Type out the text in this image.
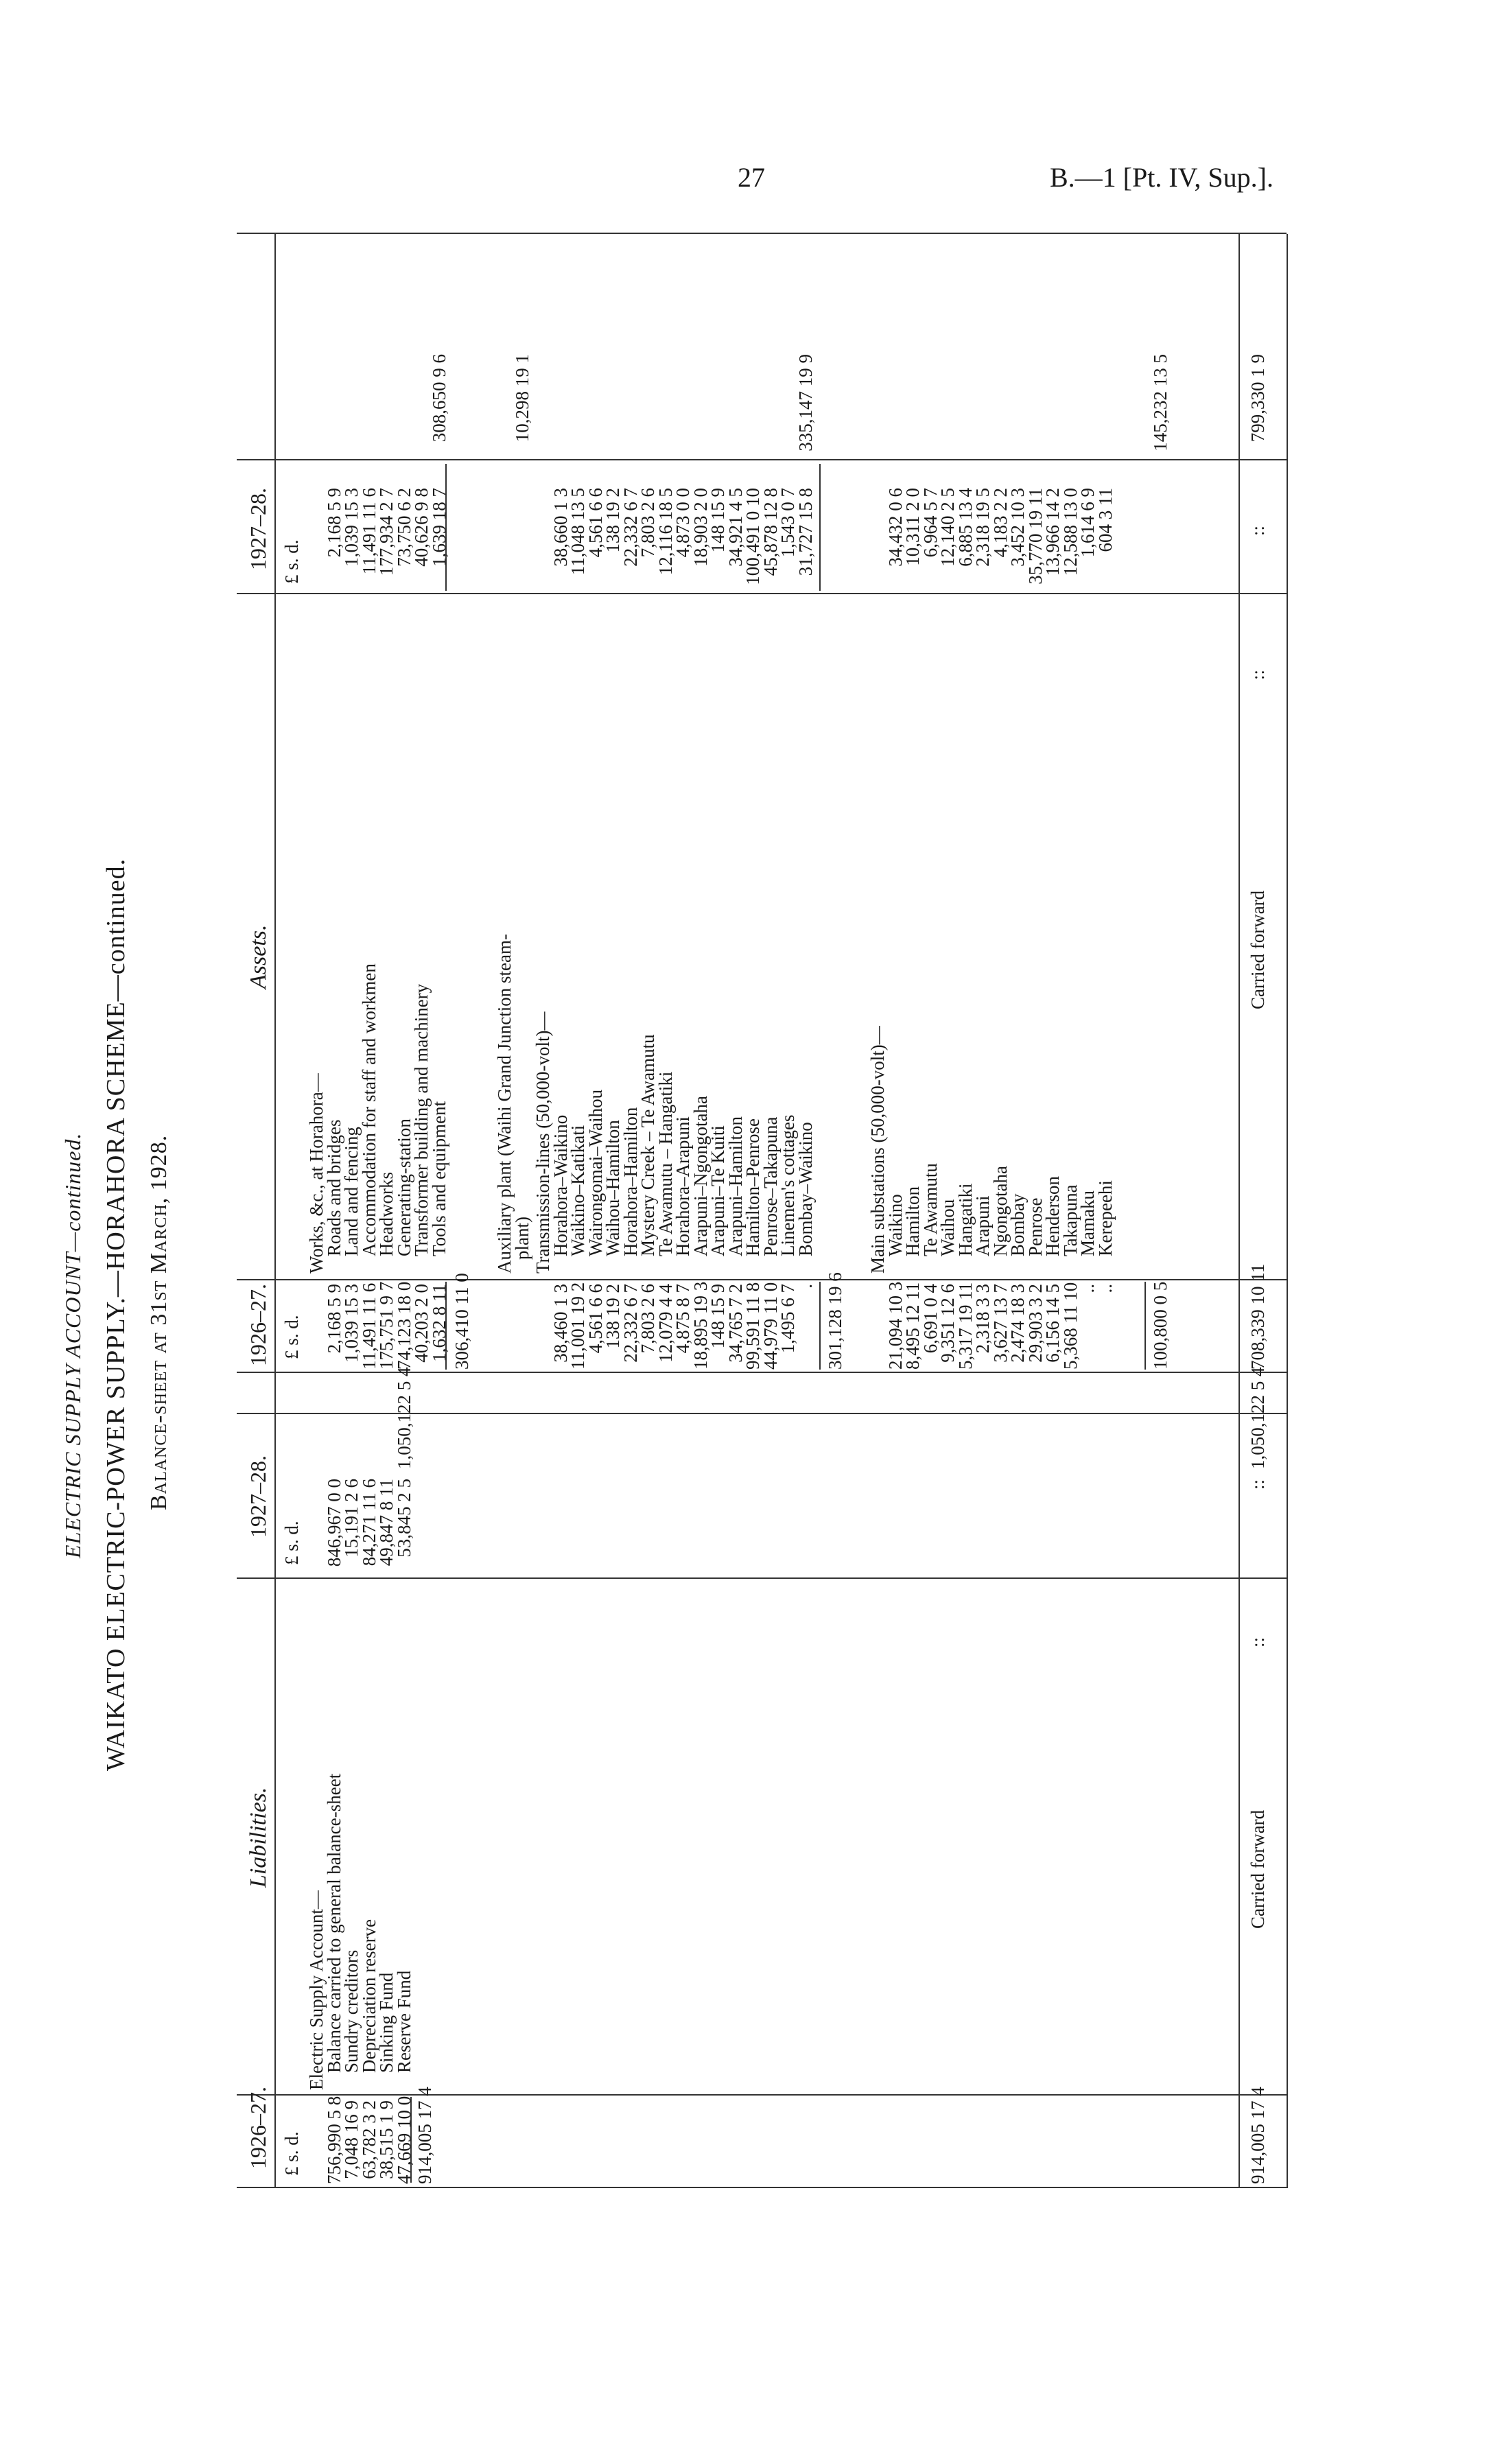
27	B.—1 [Pt. IV, Sup.].
ELECTRIC SUPPLY ACCOUNT—continued. WAIKATO ELECTRIC-POWER SUPPLY.—HORAHORA SCHEME—continued. Balance-sheet at 31st March, 1928.
Liabilities.
Assets.
1926–27.
1927–28.
1926–27.
1927–28.
£ s. d.
£ s. d.
£ s. d.
£ s. d.
Electric Supply Account—
Balance carried to general balance-sheet
756,990 5 8
846,967 0 0
Sundry creditors
7,048 16 9
15,191 2 6
Depreciation reserve
63,782 3 2
84,271 11 6
Sinking Fund
38,515 1 9
49,847 8 11
Reserve Fund
47,669 10 0
53,845 2 5
914,005 17 4
1,050,122 5 4
Carried forward
::
::
914,005 17 4
1,050,122 5 4
Works, &c., at Horahora—
Roads and bridges
2,168 5 9
2,168 5 9
Land and fencing
1,039 15 3
1,039 15 3
Accommodation for staff and workmen
11,491 11 6
11,491 11 6
Headworks
175,751 9 7
177,934 2 7
Generating-station
74,123 18 0
73,750 6 2
Transformer building and machinery
40,203 2 0
40,626 9 8
Tools and equipment
1,632 8 11
1,639 18 7
306,410 11 0
308,650 9 6
Auxiliary plant (Waihi Grand Junction steam-
plant)
10,298 19 1
Transmission-lines (50,000-volt)—
Horahora–Waikino
38,460 1 3
38,660 1 3
Waikino–Katikati
11,001 19 2
11,048 13 5
Wairongomai–Waihou
4,561 6 6
4,561 6 6
Waihou–Hamilton
138 19 2
138 19 2
Horahora–Hamilton
22,332 6 7
22,332 6 7
Mystery Creek – Te Awamutu
7,803 2 6
7,803 2 6
Te Awamutu – Hangatiki
12,079 4 4
12,116 18 5
Horahora–Arapuni
4,875 8 7
4,873 0 0
Arapuni–Ngongotaha
18,895 19 3
18,903 2 0
Arapuni–Te Kuiti
148 15 9
148 15 9
Arapuni–Hamilton
34,765 7 2
34,921 4 5
Hamilton–Penrose
99,591 11 8
100,491 0 10
Penrose–Takapuna
44,979 11 0
45,878 12 8
Linemen's cottages
1,495 6 7
1,543 0 7
Bombay–Waikino
.
31,727 15 8
301,128 19 6
335,147 19 9
Main substations (50,000-volt)—
Waikino
21,094 10 3
34,432 0 6
Hamilton
8,495 12 11
10,311 2 0
Te Awamutu
6,691 0 4
6,964 5 7
Waihou
9,351 12 6
12,140 2 5
Hangatiki
5,317 19 11
6,885 13 4
Arapuni
2,318 3 3
2,318 19 5
Ngongotaha
3,627 13 7
4,183 2 2
Bombay
2,474 18 3
3,452 10 3
Penrose
29,903 3 2
35,770 19 11
Henderson
6,156 14 5
13,966 14 2
Takapuna
5,368 11 10
12,588 13 0
Mamaku
..
1,614 6 9
Kerepeehi
..
604 3 11
100,800 0 5
145,232 13 5
Carried forward
::
::
708,339 10 11
799,330 1 9
